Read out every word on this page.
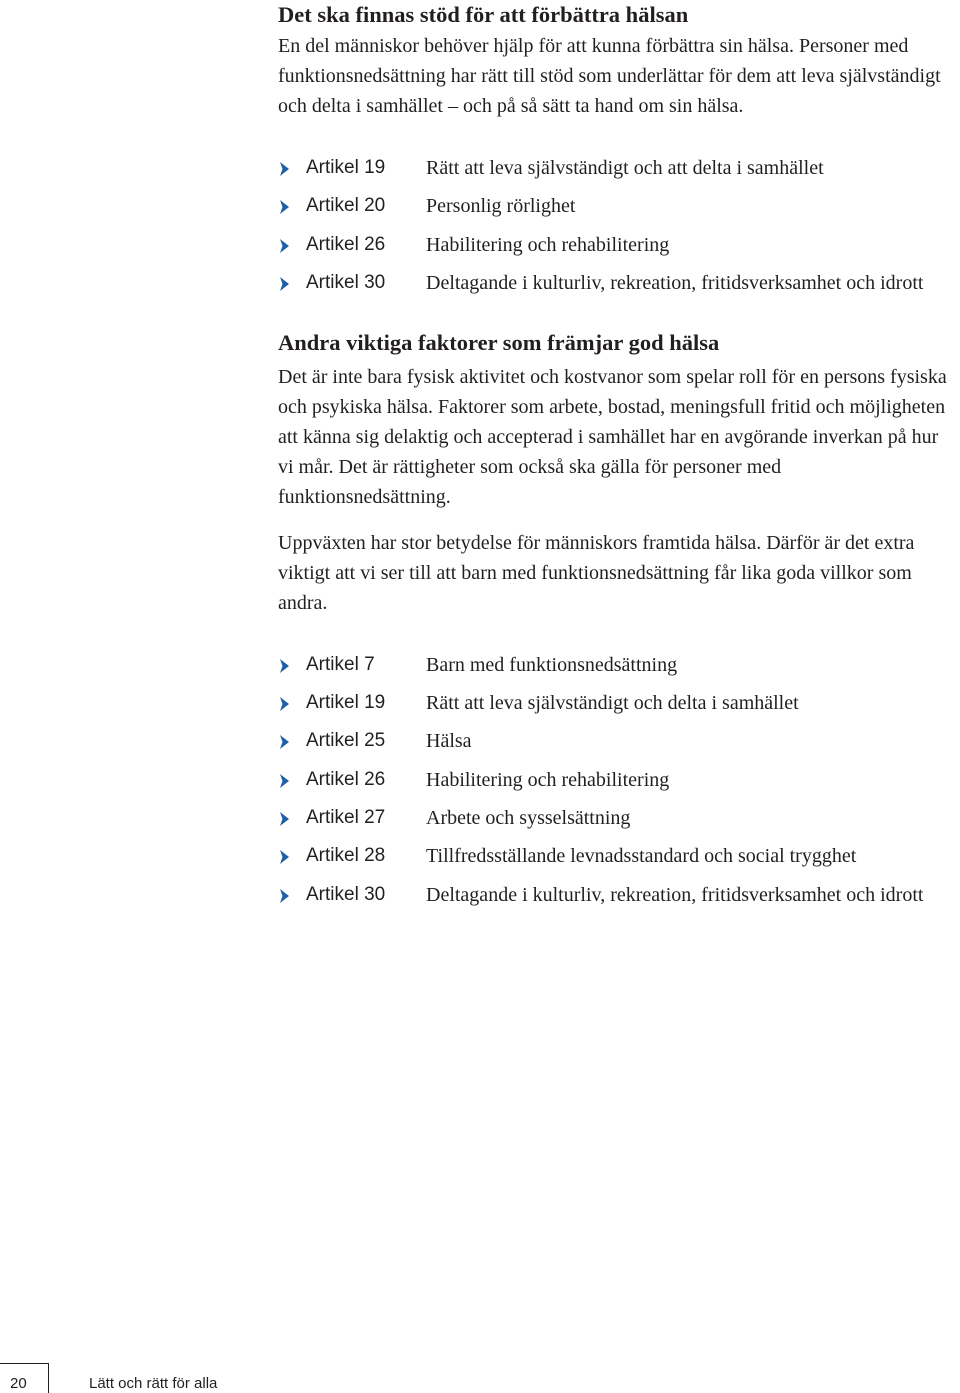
Det ska finnas stöd för att förbättra hälsan

En del människor behöver hjälp för att kunna förbättra sin hälsa. Personer med funktionsnedsättning har rätt till stöd som underlättar för dem att leva självständigt och delta i samhället – och på så sätt ta hand om sin hälsa.

Artikel 19 Rätt att leva självständigt och att delta i samhället
Artikel 20 Personlig rörlighet
Artikel 26 Habilitering och rehabilitering
Artikel 30 Deltagande i kulturliv, rekreation, fritidsverksamhet och idrott
Andra viktiga faktorer som främjar god hälsa

Det är inte bara fysisk aktivitet och kostvanor som spelar roll för en persons fysiska och psykiska hälsa. Faktorer som arbete, bostad, meningsfull fritid och möjligheten att känna sig delaktig och accepterad i samhället har en avgörande inverkan på hur vi mår. Det är rättigheter som också ska gälla för personer med funktionsnedsättning.

Uppväxten har stor betydelse för människors framtida hälsa. Därför är det extra viktigt att vi ser till att barn med funktionsnedsättning får lika goda villkor som andra.

Artikel 7	Barn med funktionsnedsättning
Artikel 19 Rätt att leva självständigt och delta i samhället
Artikel 25 Hälsa
Artikel 26 Habilitering och rehabilitering
Artikel 27 Arbete och sysselsättning
Artikel 28 Tillfredsställande levnadsstandard och social trygghet
Artikel 30 Deltagande i kulturliv, rekreation, fritidsverksamhet och idrott
20	Lätt och rätt för alla
